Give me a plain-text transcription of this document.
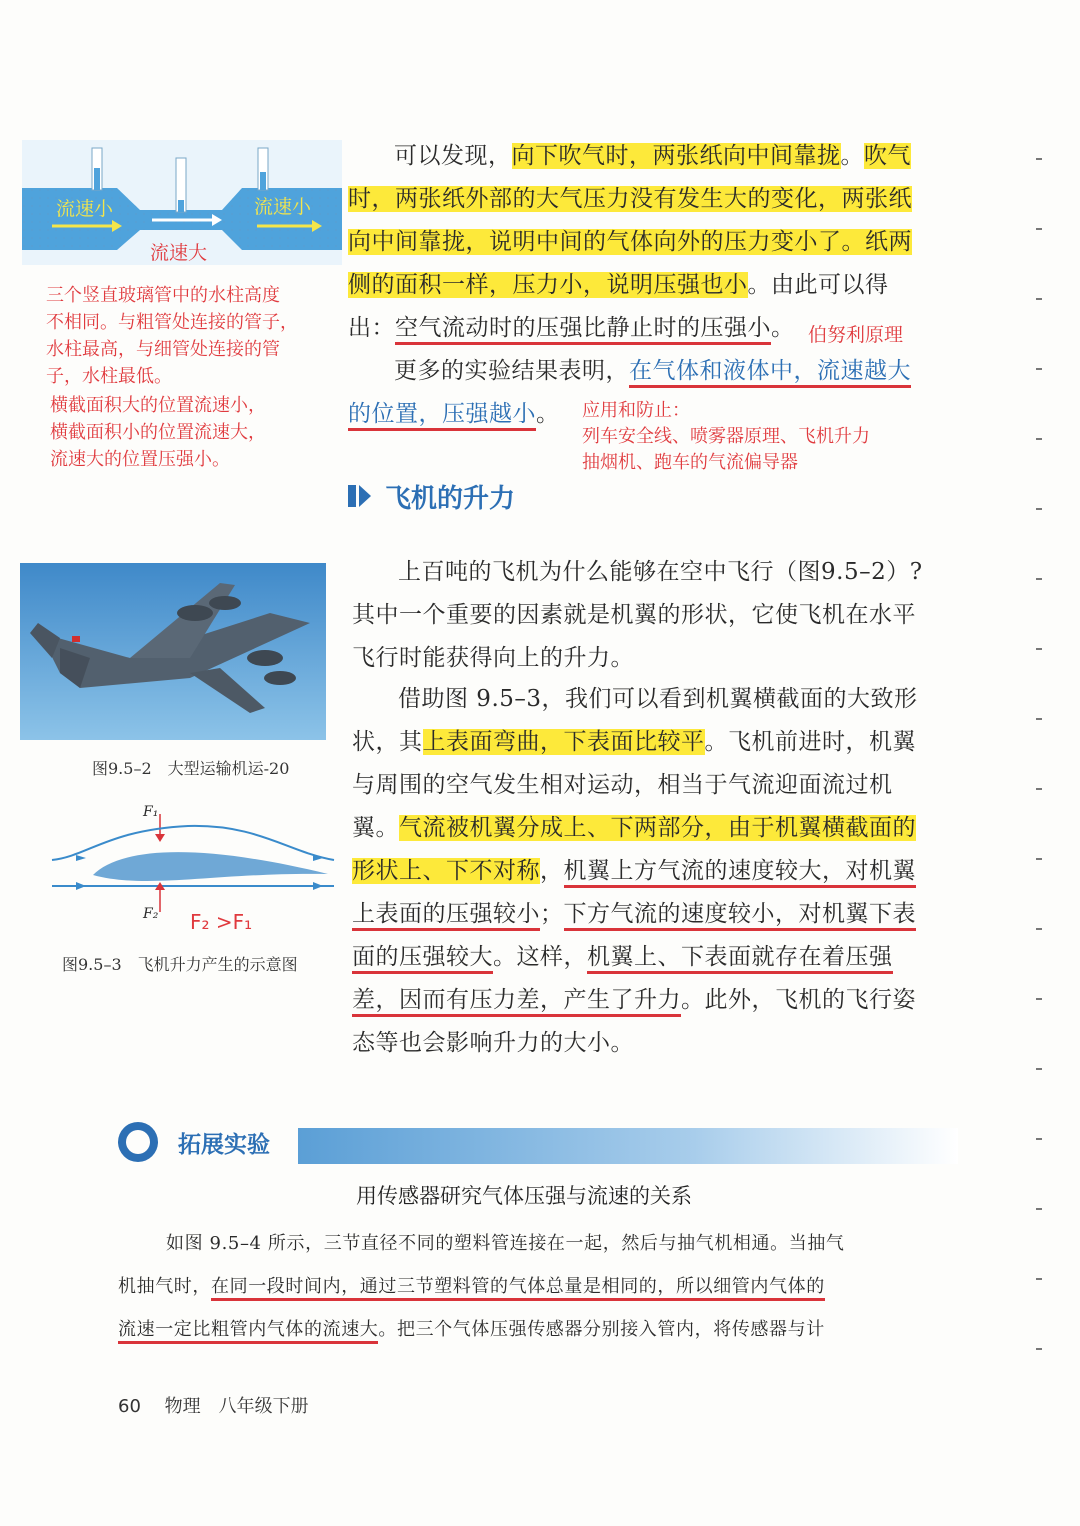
流速小	流速小
流速大
三个竖直玻璃管中的水柱高度
不相同。与粗管处连接的管子，
水柱最高，与细管处连接的管
子，水柱最低。
横截面积大的位置流速小，
横截面积小的位置流速大，
流速大的位置压强小。
可以发现，向下吹气时，两张纸向中间靠拢。吹气
时，两张纸外部的大气压力没有发生大的变化，两张纸
向中间靠拢，说明中间的气体向外的压力变小了。纸两
侧的面积一样，压力小，说明压强也小。由此可以得
出：空气流动时的压强比静止时的压强小。 伯努利原理
更多的实验结果表明，在气体和液体中，流速越大
的位置，压强越小。	应用和防止：
列车安全线、喷雾器原理、飞机升力
抽烟机、跑车的气流偏导器
飞机的升力
图9.5–2　大型运输机运-20
F₁
F₂ F₂ >F₁
图9.5–3　飞机升力产生的示意图
上百吨的飞机为什么能够在空中飞行（图9.5–2）?
其中一个重要的因素就是机翼的形状，它使飞机在水平
飞行时能获得向上的升力。
借助图 9.5–3，我们可以看到机翼横截面的大致形
状，其上表面弯曲，下表面比较平。飞机前进时，机翼
与周围的空气发生相对运动，相当于气流迎面流过机
翼。气流被机翼分成上、下两部分，由于机翼横截面的
形状上、下不对称，机翼上方气流的速度较大，对机翼
上表面的压强较小；下方气流的速度较小，对机翼下表
面的压强较大。这样，机翼上、下表面就存在着压强
差，因而有压力差，产生了升力。此外，飞机的飞行姿
态等也会影响升力的大小。
拓展实验
用传感器研究气体压强与流速的关系
如图 9.5–4 所示，三节直径不同的塑料管连接在一起，然后与抽气机相通。当抽气
机抽气时，在同一段时间内，通过三节塑料管的气体总量是相同的，所以细管内气体的
流速一定比粗管内气体的流速大。把三个气体压强传感器分别接入管内，将传感器与计
60 物理　八年级下册
